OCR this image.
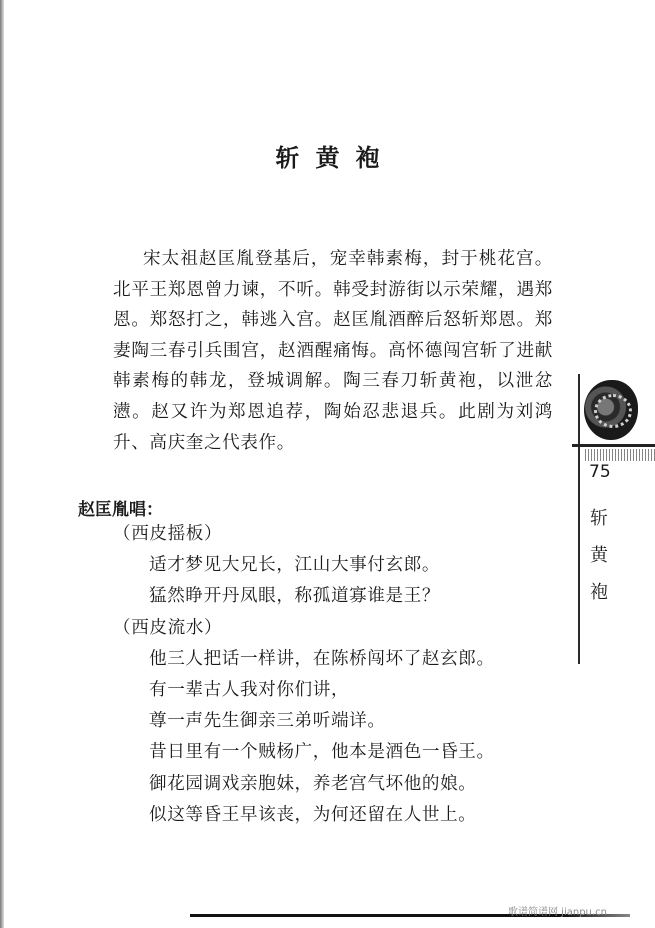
斩黄袍

宋太祖赵匡胤登基后，宠幸韩素梅，封于桃花宫。北平王郑恩曾力谏，不听。韩受封游街以示荣耀，遇郑恩。郑怒打之，韩逃入宫。赵匡胤酒醉后怒斩郑恩。郑妻陶三春引兵围宫，赵酒醒痛悔。高怀德闯宫斩了进献韩素梅的韩龙，登城调解。陶三春刀斩黄袍，以泄忿懑。赵又许为郑恩追荐，陶始忍悲退兵。此剧为刘鸿升、高庆奎之代表作。

赵匡胤唱：
（西皮摇板）
适才梦见大兄长，江山大事付玄郎。
猛然睁开丹凤眼，称孤道寡谁是王？
（西皮流水）
他三人把话一样讲，在陈桥闯坏了赵玄郎。
有一辈古人我对你们讲，
尊一声先生御亲三弟听端详。
昔日里有一个贼杨广，他本是酒色一昏王。
御花园调戏亲胞妹，养老宫气坏他的娘。
似这等昏王早该丧，为何还留在人世上。
75
斩黄袍
歌谱简谱网 jianpu.cn
